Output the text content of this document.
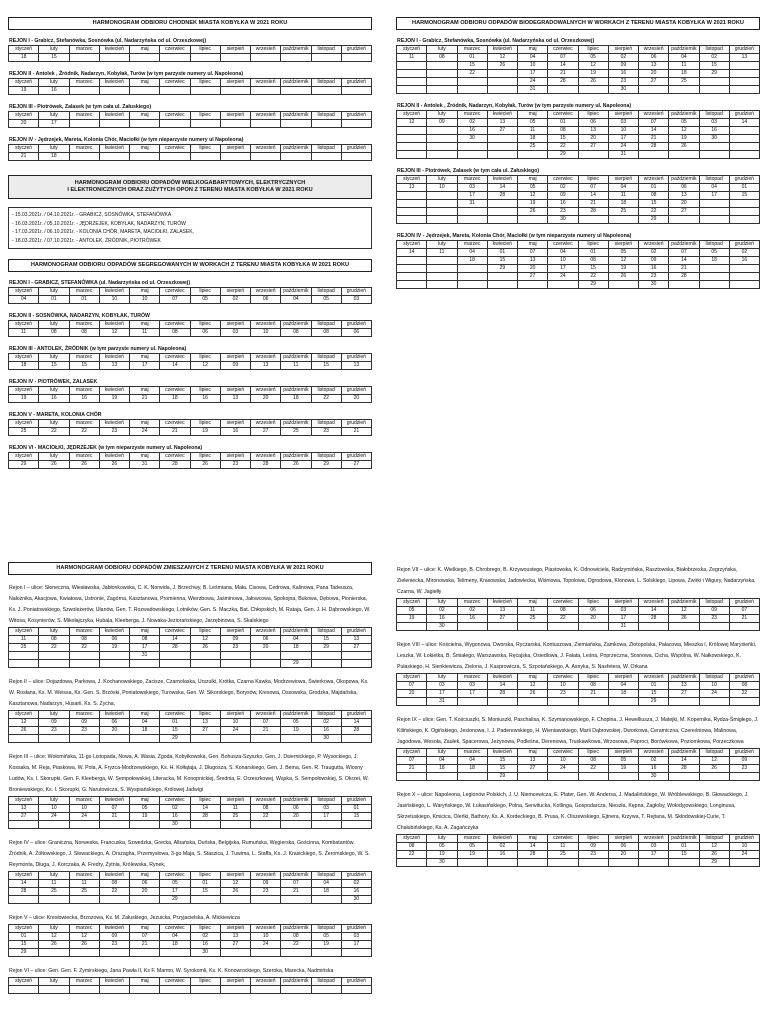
HARMONOGRAM ODBIORU CHODNEK MIASTA KOBYŁKA W 2021 ROKU
REJON I - Grabicz, Stefanówka, Sosnówka (ul. Nadarzyńska od ul. Orzeszkowej)
styczeń	luty	marzec	kwiecień	maj	czerwiec	lipiec	sierpień	wrzesień	październik	listopad	grudzień
18	15										
REJON II - Antolek , Źródnik, Nadarzyn, Kobyłak, Turów (w tym parzyste numery ul. Napoleona)
styczeń	luty	marzec	kwiecień	maj	czerwiec	lipiec	sierpień	wrzesień	październik	listopad	grudzień
19	16										
REJON III - Piotrówek, Zalasek (w tym cała ul. Załuskiego)
styczeń	luty	marzec	kwiecień	maj	czerwiec	lipiec	sierpień	wrzesień	październik	listopad	grudzień
20	17										
REJON IV - Jędrzejek, Mareta, Kolonia Chór, Maciołki (w tym nieparzyste numery ul Napoleona)
styczeń	luty	marzec	kwiecień	maj	czerwiec	lipiec	sierpień	wrzesień	październik	listopad	grudzień
21	18										
HARMONOGRAM ODBIORU ODPADÓW WIELKOGABARYTOWYCH, ELEKTRYCZNYCH
I ELEKTRONICZNYCH ORAZ ZUŻYTYCH OPON Z TERENU MIASTA KOBYŁKA W 2021 ROKU
- 15.03.2021r. / 04.10.2021r. - GRABICZ, SOSNÓWKA, STEFANÓWKA
- 16.03.2021r. / 05.10.2021r. - JĘDRZEJEK, KOBYŁAK, NADARZYN, TURÓW
- 17.03.2021r. / 06.10.2021r. - KOLONIA CHÓR, MARETA, MACIOŁKI, ZALASEK,
- 18.03.2021r. / 07.10.2021r. - ANTOLEK, ŹRÓDNIK, PIOTRÓWEK
HARMONOGRAM ODBIORU ODPADÓW SEGREGOWANYCH W WORKACH Z TERENU MIASTA KOBYŁKA W 2021 ROKU
REJON I - GRABICZ, STEFANÓWKA (ul. Nadarzyńska od ul. Orzeszkowej)
styczeń	luty	marzec	kwiecień	maj	czerwiec	lipiec	sierpień	wrzesień	październik	listopad	grudzień
04	01	01	10	10	07	05	02	06	04	05	03
REJON II - SOSNÓWKA, NADARZYN, KOBYŁAK, TURÓW
styczeń	luty	marzec	kwiecień	maj	czerwiec	lipiec	sierpień	wrzesień	październik	listopad	grudzień
11	08	08	12	11	08	06	03	10	08	08	06
REJON III - ANTOLEK, ŹRÓDNIK (w tym parzyste numery ul. Napoleona)
styczeń	luty	marzec	kwiecień	maj	czerwiec	lipiec	sierpień	wrzesień	październik	listopad	grudzień
18	15	15	13	17	14	12	09	13	11	15	13
REJON IV - PIOTRÓWEK, ZALASEK
styczeń	luty	marzec	kwiecień	maj	czerwiec	lipiec	sierpień	wrzesień	październik	listopad	grudzień
19	16	16	19	21	18	16	13	20	18	22	20
REJON V - MARETA, KOLONIA CHÓR
styczeń	luty	marzec	kwiecień	maj	czerwiec	lipiec	sierpień	wrzesień	październik	listopad	grudzień
25	22	22	23	24	21	19	16	27	25	23	21
REJON VI - MACIOŁKI, JĘDRZEJEK (w tym nieparzyste numery ul. Napoleona)
styczeń	luty	marzec	kwiecień	maj	czerwiec	lipiec	sierpień	wrzesień	październik	listopad	grudzień
29	26	26	26	31	28	26	23	28	26	29	27
HARMONOGRAM ODBIORU ODPADÓW BIODEGRADOWALNYCH W WORKACH Z TERENU MIASTA KOBYŁKA W 2021 ROKU
REJON I - Grabicz, Stefanówka, Sosnówka (ul. Nadarzyńska od ul. Orzeszkowej)
styczeń	luty	marzec	kwiecień	maj	czerwiec	lipiec	sierpień	wrzesień	październik	listopad	grudzień
11	08	01	12	04	07	05	02	06	04	02	13
		15	26	10	14	12	09	13	11	15	
		22		17	21	19	16	20	18	29	
				24	28	26	23	27	25		
				31			30				
REJON II - Antolek , Źródnik, Nadarzyn, Kobyłak, Turów (w tym parzyste numery ul. Napoleona)
styczeń	luty	marzec	kwiecień	maj	czerwiec	lipiec	sierpień	wrzesień	październik	listopad	grudzień
12	09	02	13	05	01	06	03	07	05	03	14
		16	27	11	08	13	10	14	12	16	
		30		18	15	20	17	21	19	30	
				25	22	27	24	28	26		
					29		31				
REJON III - Piotrówek, Zalasek (w tym cała ul. Załuskiego)
styczeń	luty	marzec	kwiecień	maj	czerwiec	lipiec	sierpień	wrzesień	październik	listopad	grudzień
13	10	03	14	05	02	07	04	01	06	04	01
		17	28	12	09	14	11	08	13	17	15
		31		19	16	21	18	15	20		
				26	23	28	25	22	27		
					30			29			
REJON IV - Jędrzejek, Mareta, Kolonia Chór, Maciołki (w tym nieparzyste numery ul Napoleona)
styczeń	luty	marzec	kwiecień	maj	czerwiec	lipiec	sierpień	wrzesień	październik	listopad	grudzień
14	11	04	01	07	04	01	05	02	07	05	02
		18	15	13	10	08	12	09	14	18	16
			29	20	17	15	19	16	21		
				27	24	22	26	23	28		
						29		30			
HARMONOGRAM ODBIORU ODPADÓW ZMIESZANYCH Z TERENU MIASTA KOBYŁKA W 2021 ROKU
Rejon I – ulice: Słoneczna, Wiesławska, Jabłonkowska, C. K. Norwida, J. Brzechwy, B. Leśmiana, Mała, Cisowa, Cedrowa, Kalinowa, Pana Tadeusza, Nałożnika, Akacjowa, Kwiatowa, Ustronie, Zagórna, Kasztanowa, Promienna, Wierzbowa, Jaśminowa, Jałowcowa, Spokojna, Bukowa, Dębowa, Pionierska, Ks. J. Poniatowskiego, Szwoleżerów, Ułanów, Gen. T. Rozwadowskiego, Lotników, Gen. S. Maczka, Bat. Chłopskich, M. Rataja, Gen. J. H. Dąbrowskiego, W. Witosa, Kosynierów, S. Mikołajczyka, Hubala, Kleeberga, J. Nowaka-Jeziorańskiego, Jarzębinowa, S. Skalskiego
styczeń	luty	marzec	kwiecień	maj	czerwiec	lipiec	sierpień	wrzesień	październik	listopad	grudzień
11	08	08	06	08	14	12	09	06	04	15	13
25	22	22	19	17	28	26	23	20	18	29	27
				31							
									29		
Rejon II – ulice: Dojazdowa, Parkowa, J. Kochanowskiego, Zacisze, Czarnolaska, Urszulki, Krótka, Czarna Kawka, Modrzewiowa, Świerkowa, Okopowa, Ks. W. Rosłana, Ks. M. Weissa, Ks. Gen. S. Brzóski, Poniatowskiego, Turowska, Gen. W. Sikorskiego, Borysów, Kresowa, Ossowska, Grodzka, Majdańska, Kasztanowa, Nadarzyn, Husarii, Ks. S. Zycha,
styczeń	luty	marzec	kwiecień	maj	czerwiec	lipiec	sierpień	wrzesień	październik	listopad	grudzień
12	09	09	06	04	01	13	10	07	05	02	14
26	23	23	20	18	15	27	24	21	19	16	28
					29					30	
Rejon III – ulice: Wołomińska, 11-go Listopada, Nowa, A. Wasia, Zgoda, Kobyłkowska, Gen. Bohusza-Szyszko, Gen. J. Dwernickiego, P. Wysockiego, J. Kossaka, M. Reja, Piaskowa, W. Pola, A. Fryzca-Modrzewskiego, Ks. H. Kołłątaja, J. Długosza, S. Konarskiego, Gen. J. Bema, Gen. R. Traugutta, Wiosny Ludów, Ks. I. Skorupki, Gen. F. Kleeberga, W. Sempołowskiej, Literacka, M. Konopnickiej, Średnia, E. Orzeszkowej, Wąska, S. Sempołowskiej, S. Okrzei, W. Broniewskiego, Ks. I. Skorupki, G. Narutowicza, S. Wyspiańskiego, Królowej Jadwigi
styczeń	luty	marzec	kwiecień	maj	czerwiec	lipiec	sierpień	wrzesień	październik	listopad	grudzień
13	10	10	07	05	02	14	11	08	06	03	01
27	24	24	21	19	16	28	25	22	20	17	15
					30						
Rejon IV – ulice: Graniczna, Norweska, Francuska, Szwedzka, Grecka, Albańska, Duńska, Belgijska, Rumuńska, Węgierska, Gościnna, Kombatantów, Źródnik, A. Żółtowskiego, J. Słowackiego, A. Orszagha, Przemysłowa, 3-go Maja, S. Staszica, J. Tuwima, L. Staffa, Ks. J. Krasickiego, S. Żeromskiego, W. S. Reymonta, Długa, J. Korczaka, A. Fredry, Żytnia, Królewska, Rynek,
styczeń	luty	marzec	kwiecień	maj	czerwiec	lipiec	sierpień	wrzesień	październik	listopad	grudzień
14	11	11	08	06	05	01	12	09	07	04	02
28	25	25	22	20	17	15	26	23	21	18	16
					29						30
Rejon V – ulice: Kresłowiecka, Brzozowa, Ks. M. Załuskiego, Jezuicka, Przyjacielska, A. Mickiewicza
styczeń	luty	marzec	kwiecień	maj	czerwiec	lipiec	sierpień	wrzesień	październik	listopad	grudzień
01	12	12	09	07	04	02	13	10	08	05	03
15	26	26	23	21	18	16	27	24	22	19	17
29						30					
Rejon VI – ulice: Gen. Gen. F. Zymirskiego, Jana Pawła II, Ks F. Marmo, W. Syrokomli, Ks. K. Konowrockiego, Szeroka, Marecka, Nadmińska
styczeń	luty	marzec	kwiecień	maj	czerwiec	lipiec	sierpień	wrzesień	październik	listopad	grudzień

Rejon VII – ulice: K. Wielkiego, B. Chrobrego, B. Krzywoustego, Piastowska, K. Odnowiciela, Radzymińska, Rasztowska, Białobrzeska, Zegrzyńska, Zielenieckа, Mironowska, Telimeny, Krasowska, Jadowiecka, Wiśniowa, Topolowa, Ogrodowa, Klonowa, L. Solskiego, Lipowa, Żwirki i Wigury, Nadarzyńska, Czarna, W. Jagiełły
styczeń	luty	marzec	kwiecień	maj	czerwiec	lipiec	sierpień	wrzesień	październik	listopad	grudzień
05	02	02	13	11	08	06	03	14	12	09	07
19	16	16	27	25	22	20	17	28	26	23	21
	30						31				
Rejon VIII – ulice: Kościelna, Wygonowa, Dworska, Ryczarska, Kontuszowa, Ziemiańska, Zamkowa, Złotopolska, Pałacowa, Mieszka I, Królowej Maryśieńki, Leszka, W. Łokietka, B. Śmiałego, Warszawska, Ręcajska, Osiedlowa, J. Fałata, Leśna, Poprzeczna, Sosnowa, Cicha, Wspólna, W. Nałkowskiego, K. Pułaskiego, H. Sienkiewicza, Zielona, J. Kasprowicza, S. Szpotańskiego, A. Asnyka, S. Nasfetera, W. Orkana
styczeń	luty	marzec	kwiecień	maj	czerwiec	lipiec	sierpień	wrzesień	październik	listopad	grudzień
07	03	03	14	12	10	08	04	01	13	10	08
20	17	17	28	26	23	21	18	15	27	24	22
	31							29			
Rejon IX – ulice: Gen. T. Kościuszki, S. Moniuszki, Paschalisa, K. Szymanowskiego, F. Chopina, J. Hewelliusza, J. Matejki, M. Kopernika, Rydza-Śmigłego, J. Kilińskiego, K. Ogińskiego, Jesionowa, I. J. Paderewskiego, H. Wieniawskiego, Marii Dąbrowskiej, Dworkowa, Ceramiczna, Czereśniowa, Malinowa, Jagodowa, Wesoła, Zaułek, Spacerowa, Jeżynowa, Podleśna, Dereniowa, Truskawkowa, Wrzosowa, Paproci, Borówkowa, Poziomkowa, Porzeczkowa
styczeń	luty	marzec	kwiecień	maj	czerwiec	lipiec	sierpień	wrzesień	październik	listopad	grudzień
07	04	04	15	13	10	08	05	02	14	12	09
21	18	18	15	27	24	22	19	16	28	26	23
			29					30			
Rejon X – ulice: Napoleona, Legionów Polskich, J. U. Niemcewicza, E. Plater, Gen. W. Andersa, J. Madalińskiego, W. Wróblewskiego, B. Głowackiego, J. Jasińskiego, L. Waryńskiego, W. Łukasińskiego, Polna, Serwitucka, Kotlinga, Gospodarcza, Nieszła, Kępna, Żagłoby, Wołodyjowskiego, Longinusa, Skrzetuskiego, Kmicica, Oleńki, Bathory, Ks. A. Kordeckiego, B. Prusa, K. Olszewskiego, Ejtnera, Krzywa, T. Rejtana, M. Skłodowskiej-Curie, T. Chałubińskiego, Ks. A. Zagańczyka
styczeń	luty	marzec	kwiecień	maj	czerwiec	lipiec	sierpień	wrzesień	październik	listopad	grudzień
08	05	05	02	14	11	09	06	03	01	12	10
22	19	19	16	28	25	23	20	17	15	26	24
	30									29	
